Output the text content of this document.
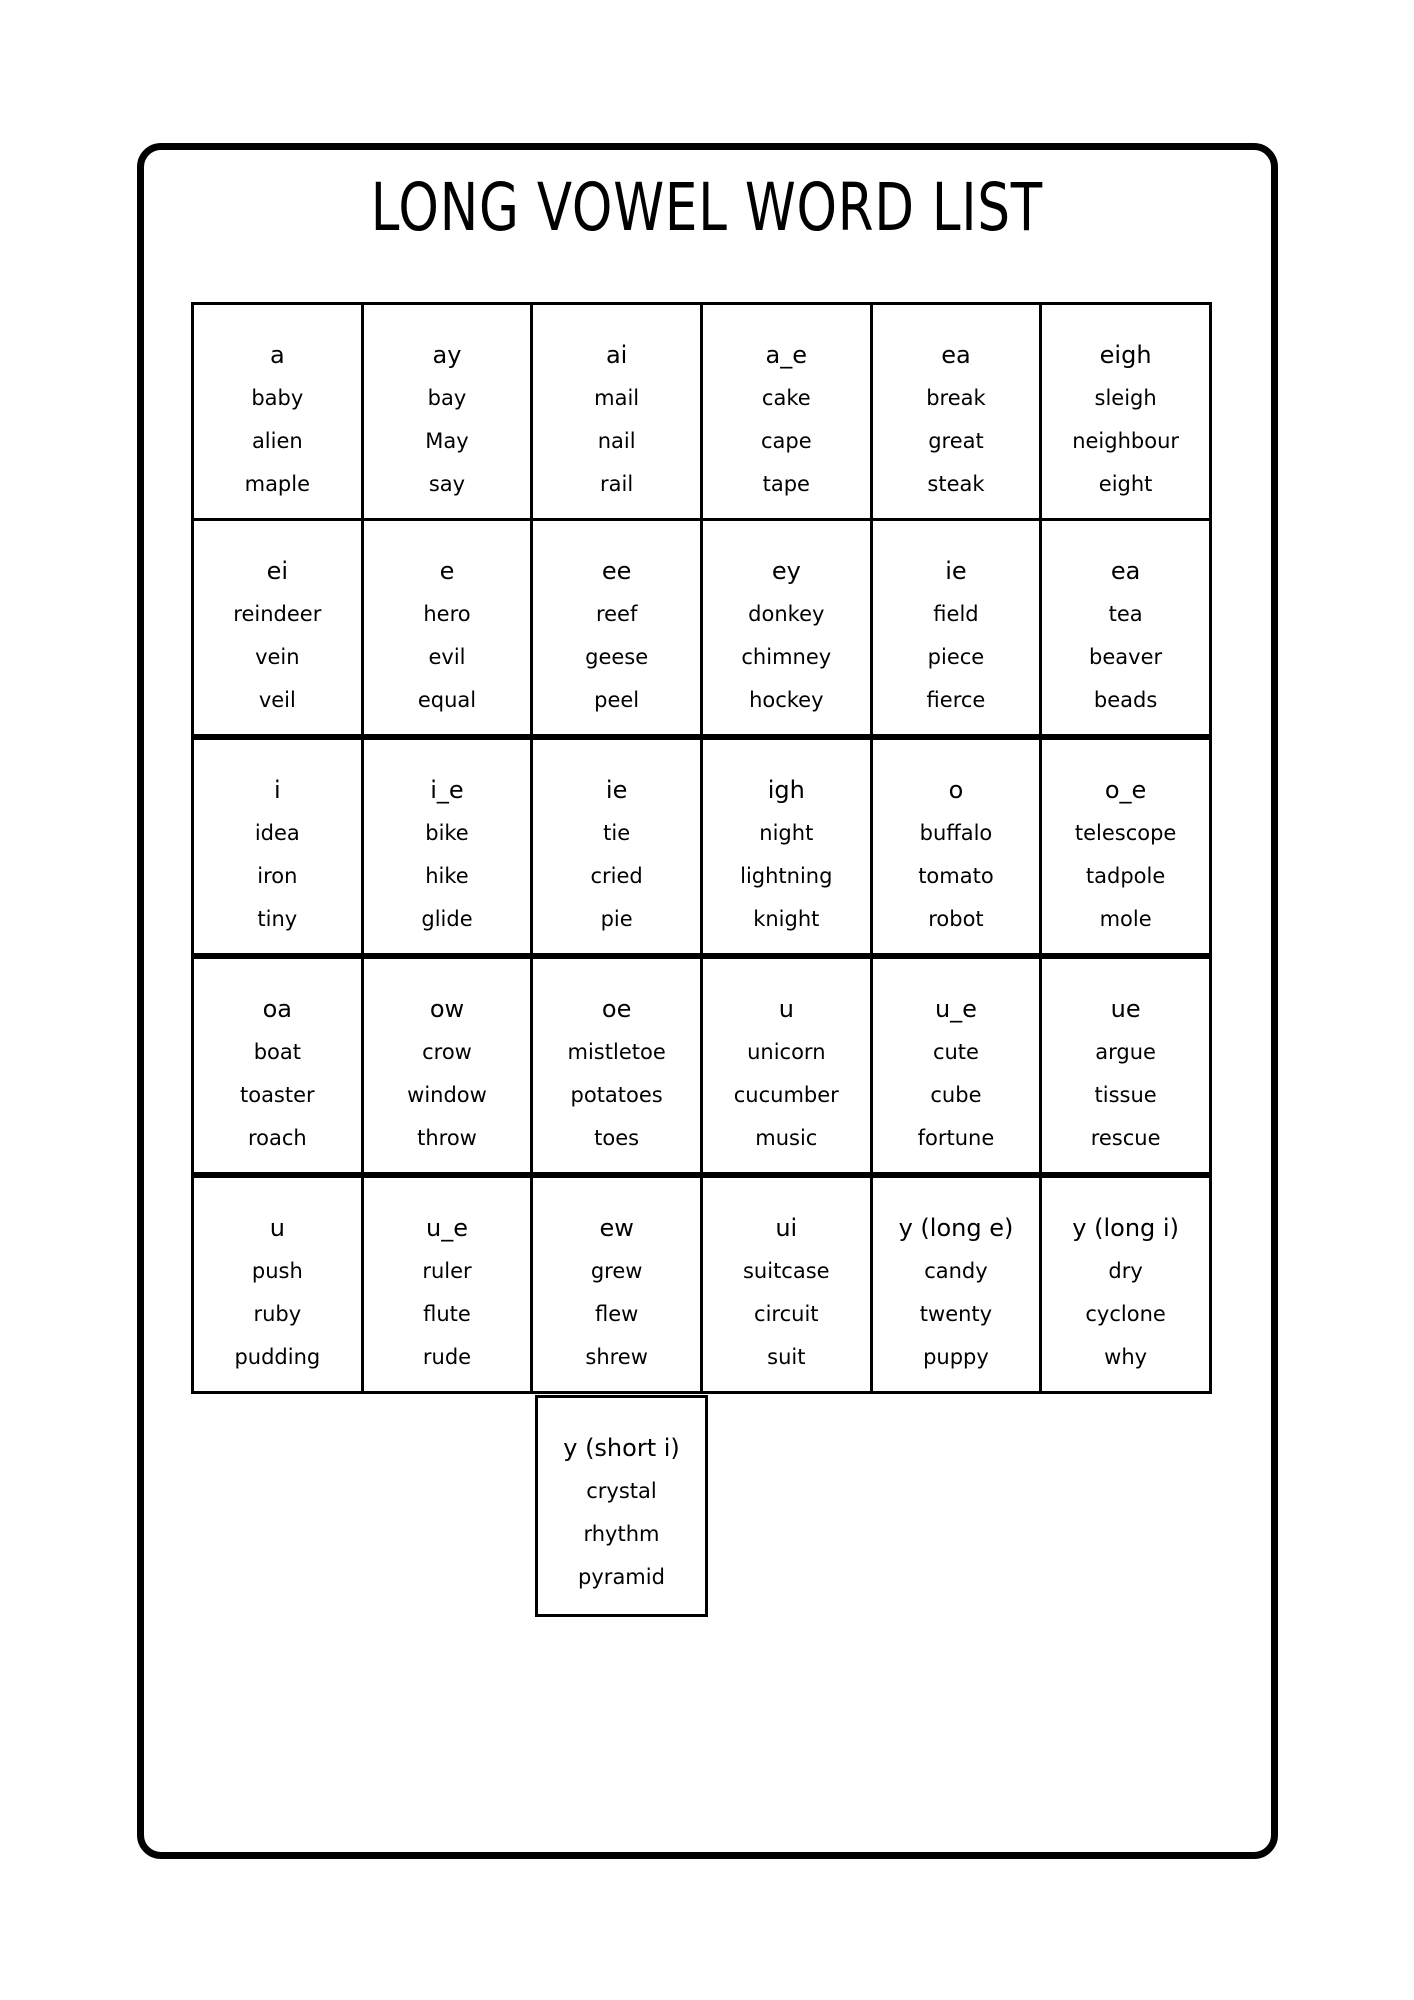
LONG VOWEL WORD LIST
a
baby
alien
maple
ay
bay
May
say
ai
mail
nail
rail
a_e
cake
cape
tape
ea
break
great
steak
eigh
sleigh
neighbour
eight
ei
reindeer
vein
veil
e
hero
evil
equal
ee
reef
geese
peel
ey
donkey
chimney
hockey
ie
field
piece
fierce
ea
tea
beaver
beads
i
idea
iron
tiny
i_e
bike
hike
glide
ie
tie
cried
pie
igh
night
lightning
knight
o
buffalo
tomato
robot
o_e
telescope
tadpole
mole
oa
boat
toaster
roach
ow
crow
window
throw
oe
mistletoe
potatoes
toes
u
unicorn
cucumber
music
u_e
cute
cube
fortune
ue
argue
tissue
rescue
u
push
ruby
pudding
u_e
ruler
flute
rude
ew
grew
flew
shrew
ui
suitcase
circuit
suit
y (long e)
candy
twenty
puppy
y (long i)
dry
cyclone
why
y (short i)
crystal
rhythm
pyramid
